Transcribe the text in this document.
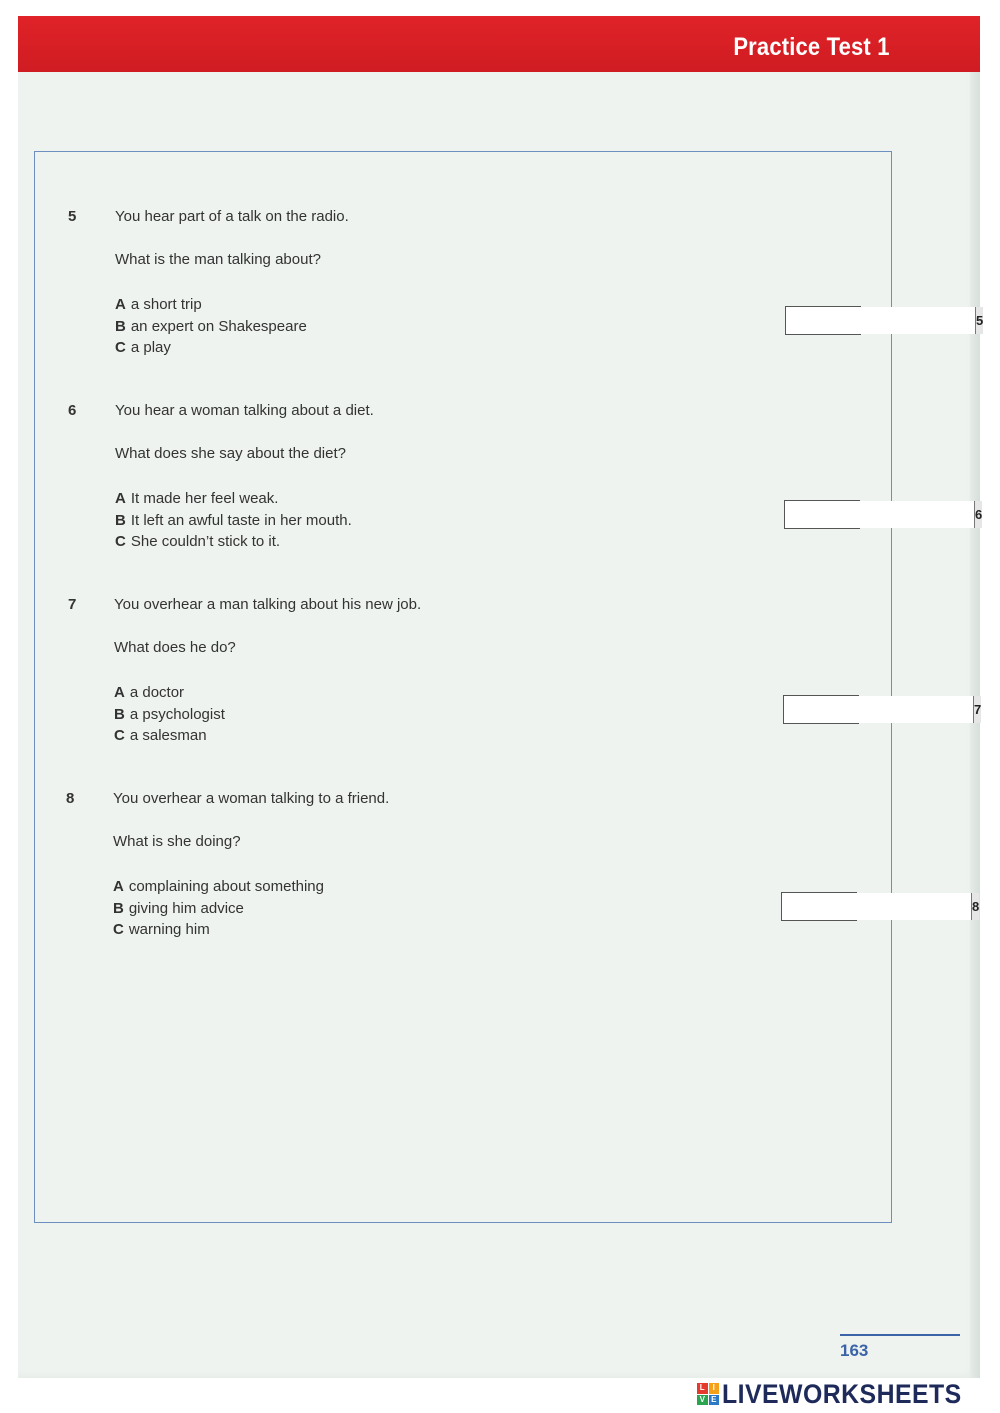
Practice Test 1
5	You hear part of a talk on the radio.
What is the man talking about?
A a short trip
B an expert on Shakespeare
C a play
5
6	You hear a woman talking about a diet.
What does she say about the diet?
A It made her feel weak.
B It left an awful taste in her mouth.
C She couldn’t stick to it.
6
7	You overhear a man talking about his new job.
What does he do?
A a doctor
B a psychologist
C a salesman
7
8	You overhear a woman talking to a friend.
What is she doing?
A complaining about something
B giving him advice
C warning him
8
163
L I
V E LIVEWORKSHEETS
